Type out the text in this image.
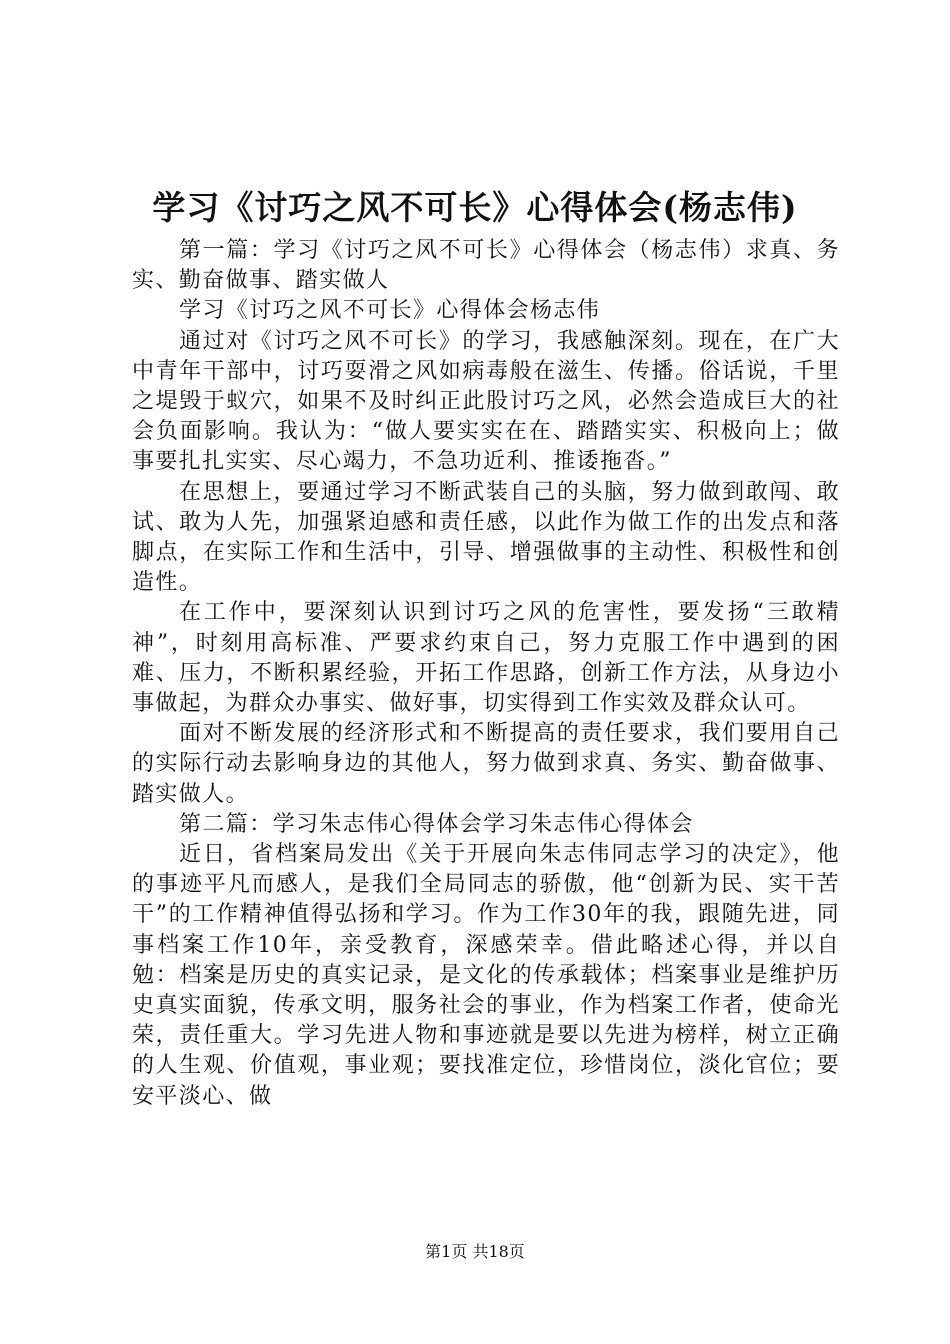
学习《讨巧之风不可长》心得体会(杨志伟)

第一篇：学习《讨巧之风不可长》心得体会（杨志伟）求真、务实、勤奋做事、踏实做人

学习《讨巧之风不可长》心得体会杨志伟

通过对《讨巧之风不可长》的学习，我感触深刻。现在，在广大中青年干部中，讨巧耍滑之风如病毒般在滋生、传播。俗话说，千里之堤毁于蚁穴，如果不及时纠正此股讨巧之风，必然会造成巨大的社会负面影响。我认为：“做人要实实在在、踏踏实实、积极向上；做事要扎扎实实、尽心竭力，不急功近利、推诿拖沓。”

在思想上，要通过学习不断武装自己的头脑，努力做到敢闯、敢试、敢为人先，加强紧迫感和责任感，以此作为做工作的出发点和落脚点，在实际工作和生活中，引导、增强做事的主动性、积极性和创造性。

在工作中，要深刻认识到讨巧之风的危害性，要发扬“三敢精神”，时刻用高标准、严要求约束自己，努力克服工作中遇到的困难、压力，不断积累经验，开拓工作思路，创新工作方法，从身边小事做起，为群众办事实、做好事，切实得到工作实效及群众认可。

面对不断发展的经济形式和不断提高的责任要求，我们要用自己的实际行动去影响身边的其他人，努力做到求真、务实、勤奋做事、踏实做人。

第二篇：学习朱志伟心得体会学习朱志伟心得体会

近日，省档案局发出《关于开展向朱志伟同志学习的决定》，他的事迹平凡而感人，是我们全局同志的骄傲，他“创新为民、实干苦干”的工作精神值得弘扬和学习。作为工作30年的我，跟随先进，同事档案工作10年，亲受教育，深感荣幸。借此略述心得，并以自勉：档案是历史的真实记录，是文化的传承载体；档案事业是维护历史真实面貌，传承文明，服务社会的事业，作为档案工作者，使命光荣，责任重大。学习先进人物和事迹就是要以先进为榜样，树立正确的人生观、价值观，事业观；要找准定位，珍惜岗位，淡化官位；要安平淡心、做

第1页 共18页
